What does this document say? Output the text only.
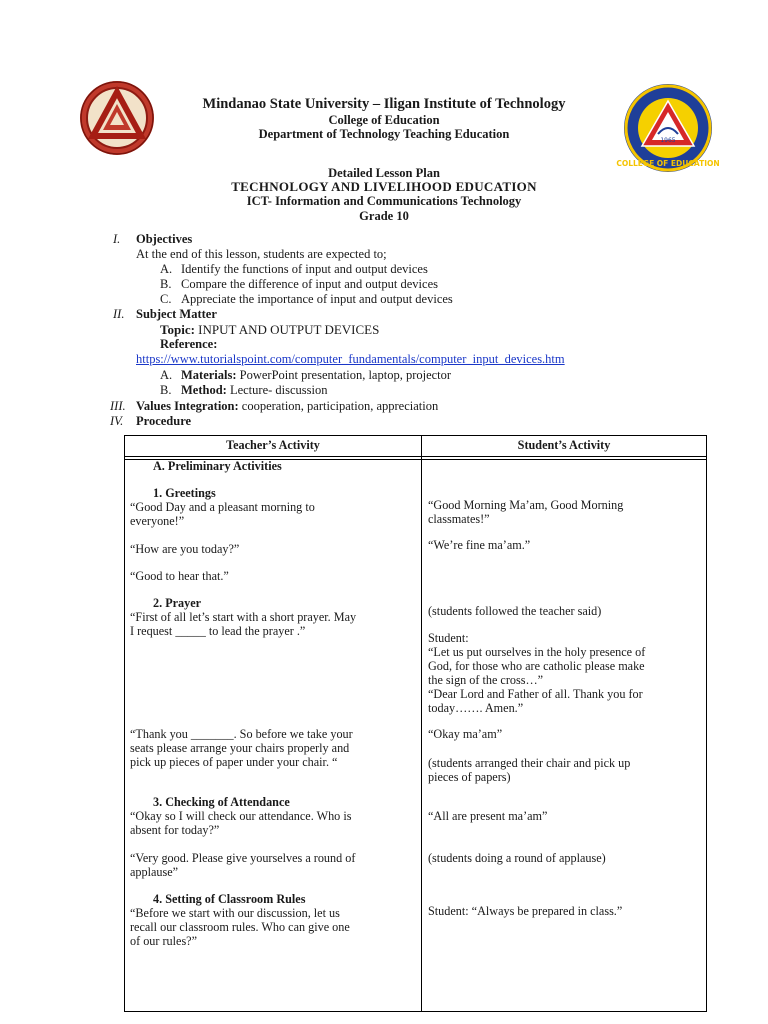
1965
COLLEGE OF EDUCATION
Mindanao State University – Iligan Institute of Technology
College of Education
Department of Technology Teaching Education
Detailed Lesson Plan
TECHNOLOGY AND LIVELIHOOD EDUCATION
ICT- Information and Communications Technology
Grade 10
I. Objectives
At the end of this lesson, students are expected to;
A. Identify the functions of input and output devices
B. Compare the difference of input and output devices
C. Appreciate the importance of input and output devices
II. Subject Matter
Topic: INPUT AND OUTPUT DEVICES
Reference:
https://www.tutorialspoint.com/computer_fundamentals/computer_input_devices.htm
A. Materials: PowerPoint presentation, laptop, projector
B. Method: Lecture- discussion
III. Values Integration: cooperation, participation, appreciation
IV. Procedure
Teacher’s Activity	Student’s Activity
A. Preliminary Activities
1. Greetings
“Good Day and a pleasant morning to
everyone!”
“How are you today?”
“Good to hear that.”
2. Prayer
“First of all let’s start with a short prayer. May
I request _____ to lead the prayer .”
“Thank you _______. So before we take your
seats please arrange your chairs properly and
pick up pieces of paper under your chair. “
3. Checking of Attendance
“Okay so I will check our attendance. Who is
absent for today?”
“Very good. Please give yourselves a round of
applause”
4. Setting of Classroom Rules
“Before we start with our discussion, let us
recall our classroom rules. Who can give one
of our rules?”
“Good Morning Ma’am, Good Morning
classmates!”
“We’re fine ma’am.”
(students followed the teacher said)
Student:
“Let us put ourselves in the holy presence of
God, for those who are catholic please make
the sign of the cross…”
“Dear Lord and Father of all. Thank you for
today……. Amen.”
“Okay ma’am”
(students arranged their chair and pick up
pieces of papers)
“All are present ma’am”
(students doing a round of applause)
Student: “Always be prepared in class.”
